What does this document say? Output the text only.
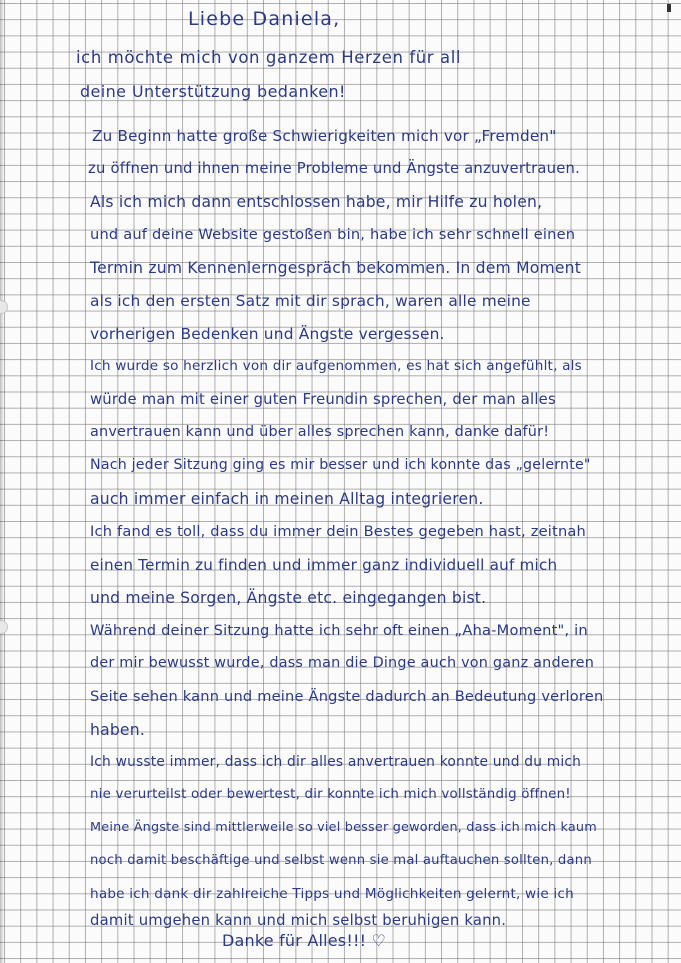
Liebe Daniela,
ich möchte mich von ganzem Herzen für all
deine Unterstützung bedanken!
Zu Beginn hatte große Schwierigkeiten mich vor „Fremden"
zu öffnen und ihnen meine Probleme und Ängste anzuvertrauen.
Als ich mich dann entschlossen habe, mir Hilfe zu holen,
und auf deine Website gestoßen bin, habe ich sehr schnell einen
Termin zum Kennenlerngespräch bekommen. In dem Moment
als ich den ersten Satz mit dir sprach, waren alle meine
vorherigen Bedenken und Ängste vergessen.
Ich wurde so herzlich von dir aufgenommen, es hat sich angefühlt, als
würde man mit einer guten Freundin sprechen, der man alles
anvertrauen kann und über alles sprechen kann, danke dafür!
Nach jeder Sitzung ging es mir besser und ich konnte das „gelernte"
auch immer einfach in meinen Alltag integrieren.
Ich fand es toll, dass du immer dein Bestes gegeben hast, zeitnah
einen Termin zu finden und immer ganz individuell auf mich
und meine Sorgen, Ängste etc. eingegangen bist.
Während deiner Sitzung hatte ich sehr oft einen „Aha-Moment", in
der mir bewusst wurde, dass man die Dinge auch von ganz anderen
Seite sehen kann und meine Ängste dadurch an Bedeutung verloren
haben.
Ich wusste immer, dass ich dir alles anvertrauen konnte und du mich
nie verurteilst oder bewertest, dir konnte ich mich vollständig öffnen!
Meine Ängste sind mittlerweile so viel besser geworden, dass ich mich kaum
noch damit beschäftige und selbst wenn sie mal auftauchen sollten, dann
habe ich dank dir zahlreiche Tipps und Möglichkeiten gelernt, wie ich
damit umgehen kann und mich selbst beruhigen kann.
Danke für Alles!!! ♡
